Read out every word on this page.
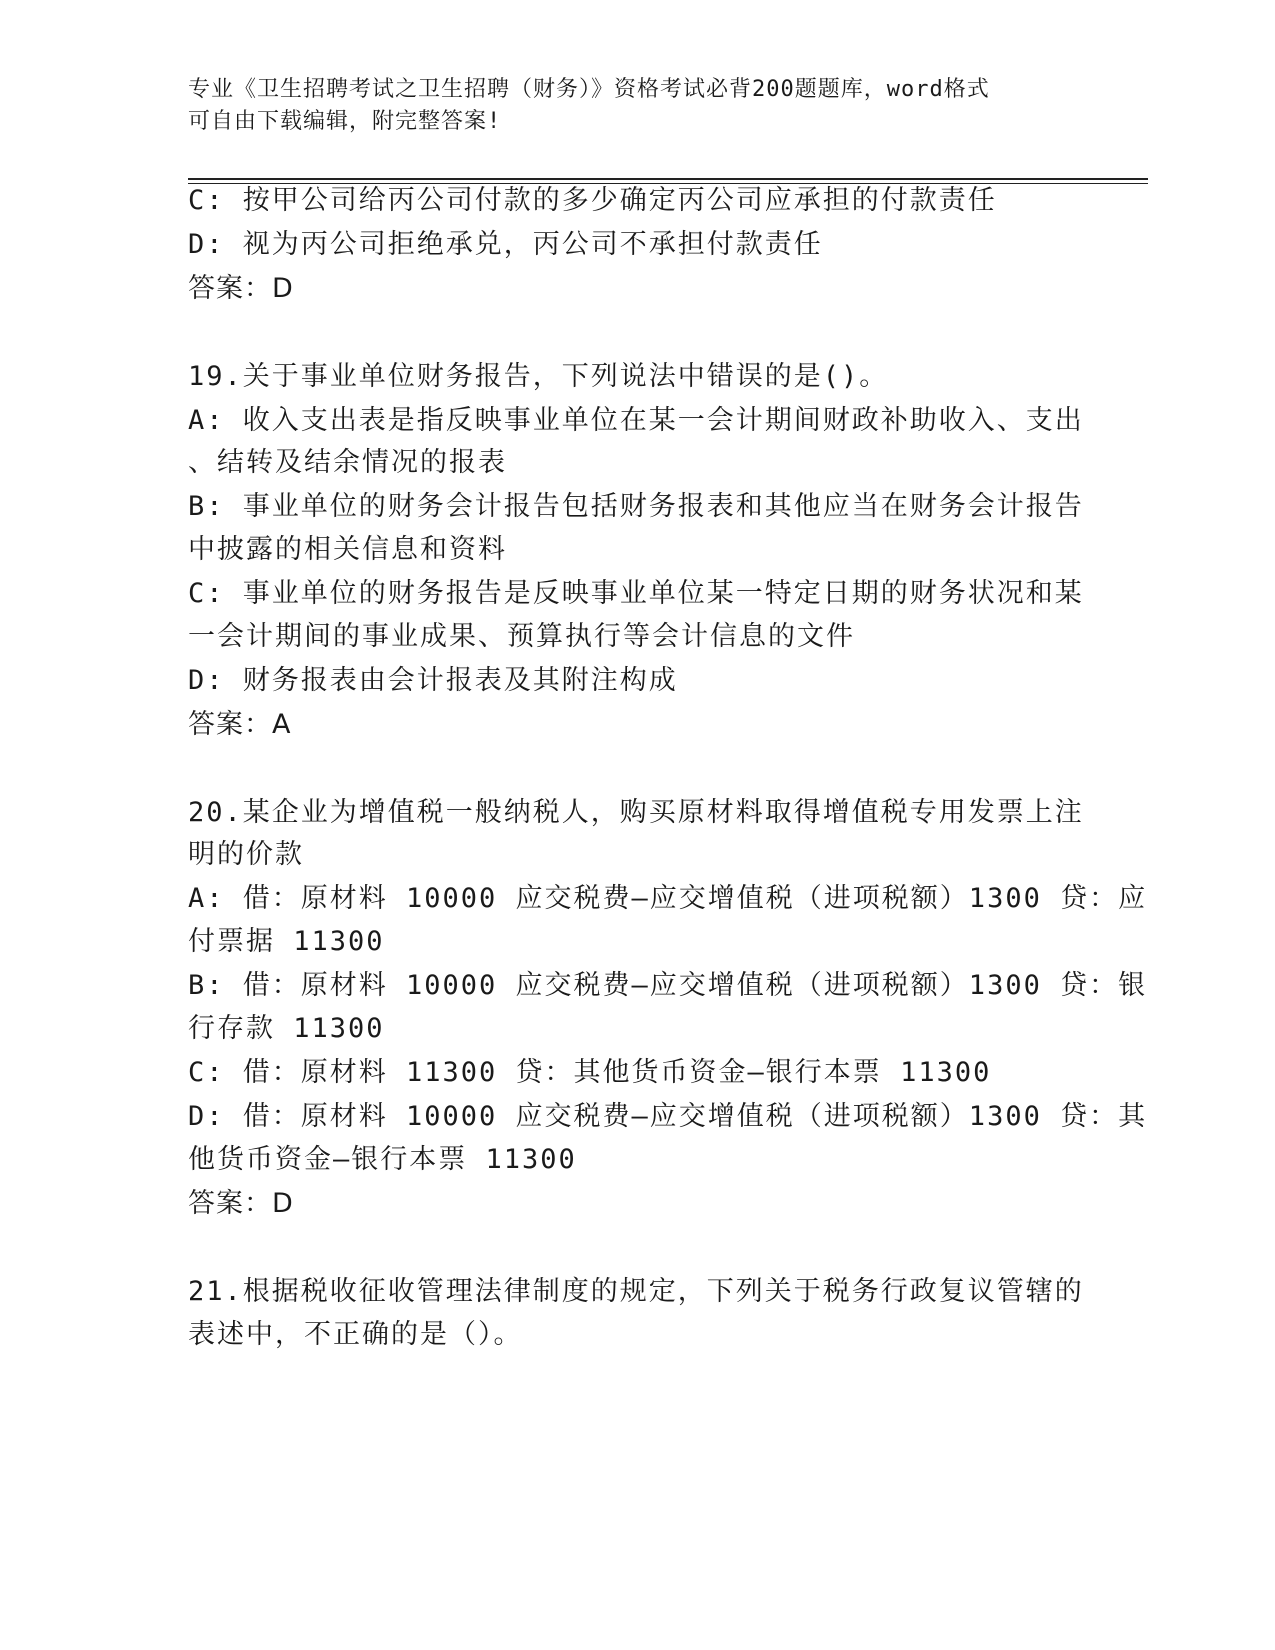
专业《卫生招聘考试之卫生招聘（财务）》资格考试必背200题题库，word格式
可自由下载编辑，附完整答案!
C: 按甲公司给丙公司付款的多少确定丙公司应承担的付款责任
D: 视为丙公司拒绝承兑，丙公司不承担付款责任
答案：D
19.关于事业单位财务报告，下列说法中错误的是()。
A: 收入支出表是指反映事业单位在某一会计期间财政补助收入、支出
、结转及结余情况的报表
B: 事业单位的财务会计报告包括财务报表和其他应当在财务会计报告
中披露的相关信息和资料
C: 事业单位的财务报告是反映事业单位某一特定日期的财务状况和某
一会计期间的事业成果、预算执行等会计信息的文件
D: 财务报表由会计报表及其附注构成
答案：A
20.某企业为增值税一般纳税人，购买原材料取得增值税专用发票上注
明的价款
A: 借：原材料 10000 应交税费—应交增值税（进项税额）1300 贷：应
付票据 11300
B: 借：原材料 10000 应交税费—应交增值税（进项税额）1300 贷：银
行存款 11300
C: 借：原材料 11300 贷：其他货币资金—银行本票 11300
D: 借：原材料 10000 应交税费—应交增值税（进项税额）1300 贷：其
他货币资金—银行本票 11300
答案：D
21.根据税收征收管理法律制度的规定，下列关于税务行政复议管辖的
表述中，不正确的是（）。
